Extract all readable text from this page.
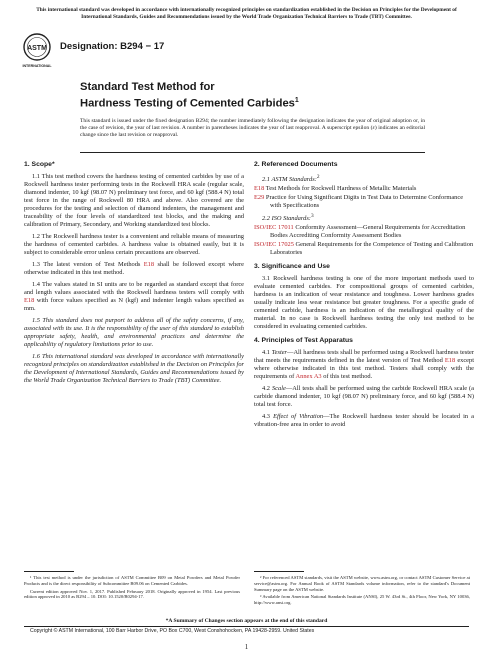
This international standard was developed in accordance with internationally recognized principles on standardization established in the Decision on Principles for the Development of International Standards, Guides and Recommendations issued by the World Trade Organization Technical Barriers to Trade (TBT) Committee.
ASTM
INTERNATIONAL
Designation: B294 − 17
Standard Test Method for
Hardness Testing of Cemented Carbides$^1$
This standard is issued under the fixed designation B294; the number immediately following the designation indicates the year of original adoption or, in the case of revision, the year of last revision. A number in parentheses indicates the year of last reapproval. A superscript epsilon (ε) indicates an editorial change since the last revision or reapproval.
1. Scope*

1.1 This test method covers the hardness testing of cemented carbides by use of a Rockwell hardness tester performing tests in the Rockwell HRA scale (regular scale, diamond indenter, 10 kgf (98.07 N) preliminary test force, and 60 kgf (588.4 N) total test force in the range of Rockwell 80 HRA and above. Also covered are the procedures for the testing and selection of diamond indenters, the management and traceability of the four levels of standardized test blocks, and the making and calibration of Primary, Secondary, and Working standardized test blocks.

1.2 The Rockwell hardness tester is a convenient and reliable means of measuring the hardness of cemented carbides. A hardness value is obtained easily, but it is subject to considerable error unless certain precautions are observed.

1.3 The latest version of Test Methods E18 shall be followed except where otherwise indicated in this test method.

1.4 The values stated in SI units are to be regarded as standard except that force and length values associated with the Rockwell hardness testers will comply with E18 with force values specified as N (kgf) and indenter length values specified as mm.

1.5 This standard does not purport to address all of the safety concerns, if any, associated with its use. It is the responsibility of the user of this standard to establish appropriate safety, health, and environmental practices and determine the applicability of regulatory limitations prior to use.

1.6 This international standard was developed in accordance with internationally recognized principles on standardization established in the Decision on Principles for the Development of International Standards, Guides and Recommendations issued by the World Trade Organization Technical Barriers to Trade (TBT) Committee.

2. Referenced Documents
2.1 ASTM Standards:$^2$
E18 Test Methods for Rockwell Hardness of Metallic Materials
E29 Practice for Using Significant Digits in Test Data to Determine Conformance with Specifications
2.2 ISO Standards:$^3$
ISO/IEC 17011 Conformity Assessment—General Requirements for Accreditation Bodies Accrediting Conformity Assessment Bodies
ISO/IEC 17025 General Requirements for the Competence of Testing and Calibration Laboratories
3. Significance and Use

3.1 Rockwell hardness testing is one of the more important methods used to evaluate cemented carbides. For compositional groups of cemented carbides, hardness is an indication of wear resistance and toughness. Lower hardness grades usually indicate less wear resistance but greater toughness. For a specific grade of cemented carbide, hardness is an indication of the metallurgical quality of the material. In no case is Rockwell hardness testing the only test method to be considered in evaluating cemented carbides.

4. Principles of Test Apparatus

4.1 Tester—All hardness tests shall be performed using a Rockwell hardness tester that meets the requirements defined in the latest version of Test Method E18 except where otherwise indicated in this test method. Testers shall comply with the requirements of Annex A3 of this test method.

4.2 Scale—All tests shall be performed using the carbide Rockwell HRA scale (a carbide diamond indenter, 10 kgf (98.07 N) preliminary force, and 60 kgf (588.4 N) total test force.

4.3 Effect of Vibration—The Rockwell hardness tester should be located in a vibration-free area in order to avoid

¹ This test method is under the jurisdiction of ASTM Committee B09 on Metal Powders and Metal Powder Products and is the direct responsibility of Subcommittee B09.06 on Cemented Carbides.

Current edition approved Nov. 1, 2017. Published February 2018. Originally approved in 1954. Last previous edition approved in 2010 as B294 – 10. DOI: 10.1520/B0294-17.

² For referenced ASTM standards, visit the ASTM website, www.astm.org, or contact ASTM Customer Service at service@astm.org. For Annual Book of ASTM Standards volume information, refer to the standard's Document Summary page on the ASTM website.

³ Available from American National Standards Institute (ANSI), 25 W. 43rd St., 4th Floor, New York, NY 10036, http://www.ansi.org.

*A Summary of Changes section appears at the end of this standard
Copyright © ASTM International, 100 Barr Harbor Drive, PO Box C700, West Conshohocken, PA 19428-2959. United States
1
